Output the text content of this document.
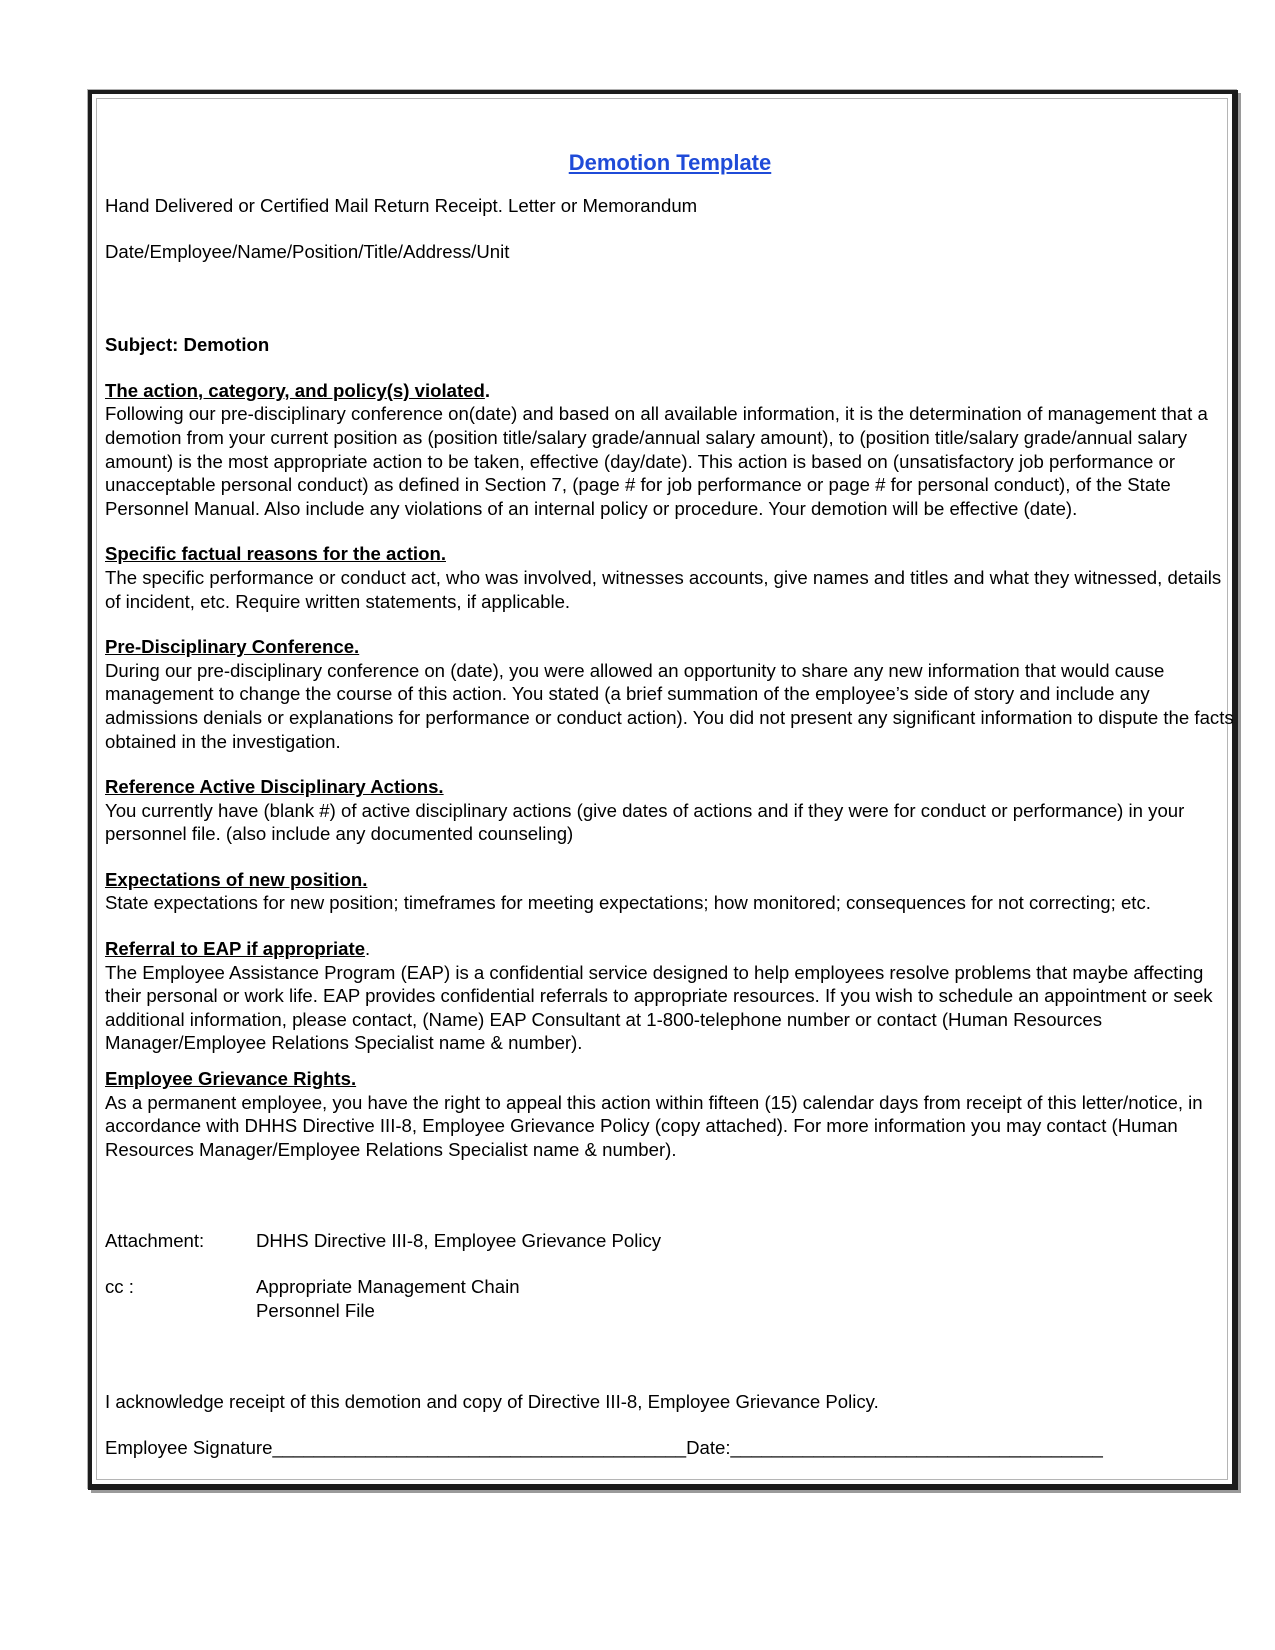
Demotion Template

Hand Delivered or Certified Mail Return Receipt. Letter or Memorandum

Date/Employee/Name/Position/Title/Address/Unit

Subject: Demotion

The action, category, and policy(s) violated.

Following our pre-disciplinary conference on(date) and based on all available information, it is the determination of management that a demotion from your current position as (position title/salary grade/annual salary amount), to (position title/salary grade/annual salary amount) is the most appropriate action to be taken, effective (day/date). This action is based on (unsatisfactory job performance or unacceptable personal conduct) as defined in Section 7, (page # for job performance or page # for personal conduct), of the State Personnel Manual. Also include any violations of an internal policy or procedure. Your demotion will be effective (date).

Specific factual reasons for the action.

The specific performance or conduct act, who was involved, witnesses accounts, give names and titles and what they witnessed, details of incident, etc. Require written statements, if applicable.

Pre-Disciplinary Conference.

During our pre-disciplinary conference on (date), you were allowed an opportunity to share any new information that would cause management to change the course of this action. You stated (a brief summation of the employee’s side of story and include any admissions denials or explanations for performance or conduct action). You did not present any significant information to dispute the facts obtained in the investigation.

Reference Active Disciplinary Actions.

You currently have (blank #) of active disciplinary actions (give dates of actions and if they were for conduct or performance) in your personnel file. (also include any documented counseling)

Expectations of new position.

State expectations for new position; timeframes for meeting expectations; how monitored; consequences for not correcting; etc.

Referral to EAP if appropriate.

The Employee Assistance Program (EAP) is a confidential service designed to help employees resolve problems that maybe affecting their personal or work life. EAP provides confidential referrals to appropriate resources. If you wish to schedule an appointment or seek additional information, please contact, (Name) EAP Consultant at 1-800-telephone number or contact (Human Resources Manager/Employee Relations Specialist name & number).

Employee Grievance Rights.

As a permanent employee, you have the right to appeal this action within fifteen (15) calendar days from receipt of this letter/notice, in accordance with DHHS Directive III-8, Employee Grievance Policy (copy attached). For more information you may contact (Human Resources Manager/Employee Relations Specialist name & number).

Attachment:	DHHS Directive III-8, Employee Grievance Policy
cc :	Appropriate Management Chain
Personnel File

I acknowledge receipt of this demotion and copy of Directive III-8, Employee Grievance Policy.

Employee Signature________________________________________Date:____________________________________
